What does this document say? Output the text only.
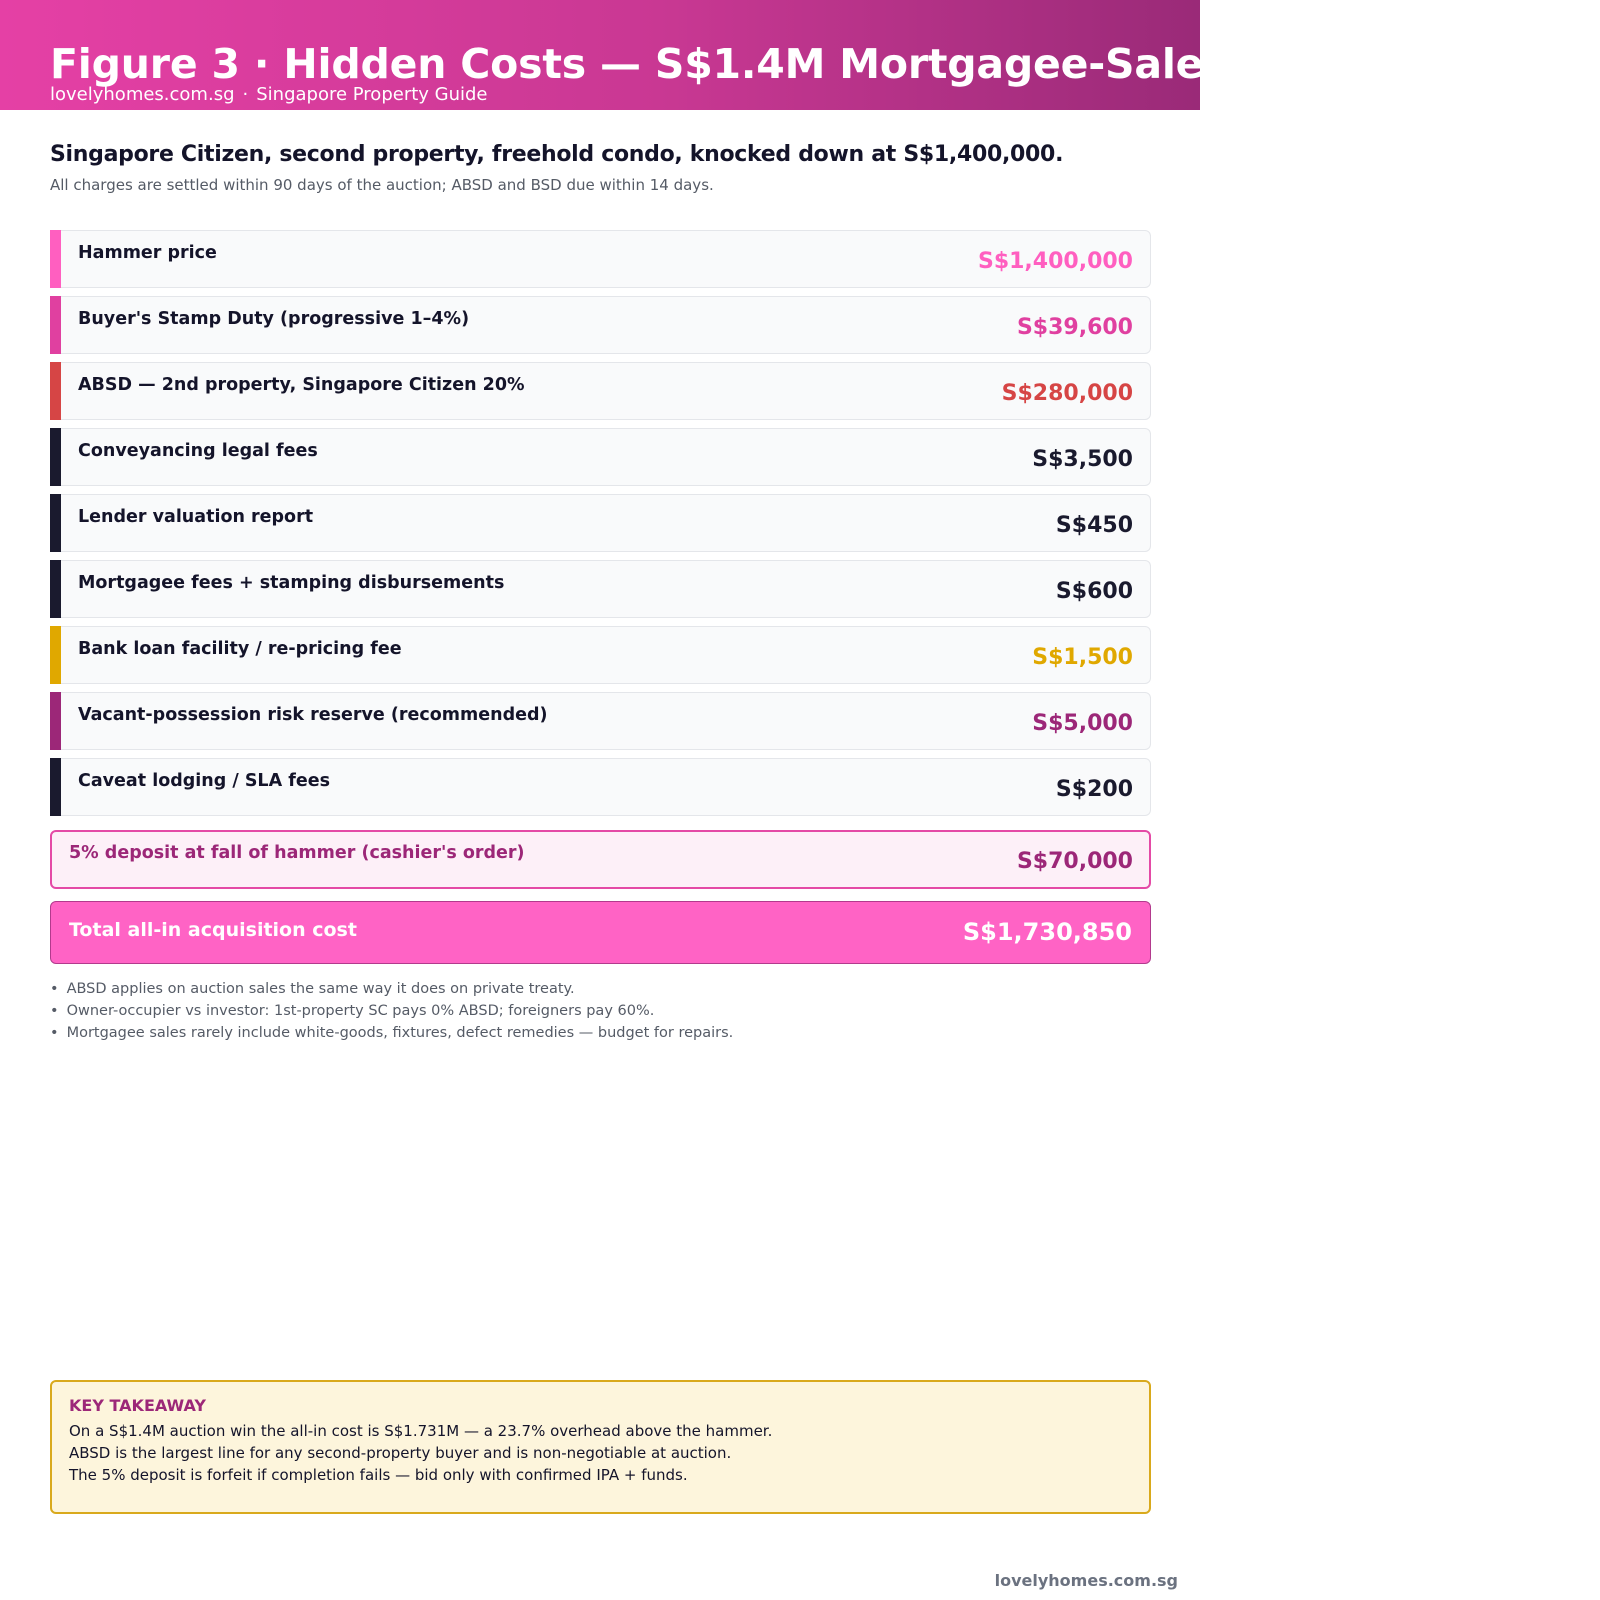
Figure 3 · Hidden Costs — S$1.4M Mortgagee-Sale Worked Example
lovelyhomes.com.sg · Singapore Property Guide
Singapore Citizen, second property, freehold condo, knocked down at S$1,400,000.
All charges are settled within 90 days of the auction; ABSD and BSD due within 14 days.
Hammer price	S$1,400,000
Buyer's Stamp Duty (progressive 1–4%)	S$39,600
ABSD — 2nd property, Singapore Citizen 20%	S$280,000
Conveyancing legal fees	S$3,500
Lender valuation report	S$450
Mortgagee fees + stamping disbursements	S$600
Bank loan facility / re-pricing fee	S$1,500
Vacant-possession risk reserve (recommended)	S$5,000
Caveat lodging / SLA fees	S$200
5% deposit at fall of hammer (cashier's order)	S$70,000
Total all-in acquisition cost	S$1,730,850
• ABSD applies on auction sales the same way it does on private treaty.
• Owner-occupier vs investor: 1st-property SC pays 0% ABSD; foreigners pay 60%.
• Mortgagee sales rarely include white-goods, fixtures, defect remedies — budget for repairs.
KEY TAKEAWAY
On a S$1.4M auction win the all-in cost is S$1.731M — a 23.7% overhead above the hammer.
ABSD is the largest line for any second-property buyer and is non-negotiable at auction.
The 5% deposit is forfeit if completion fails — bid only with confirmed IPA + funds.
lovelyhomes.com.sg
